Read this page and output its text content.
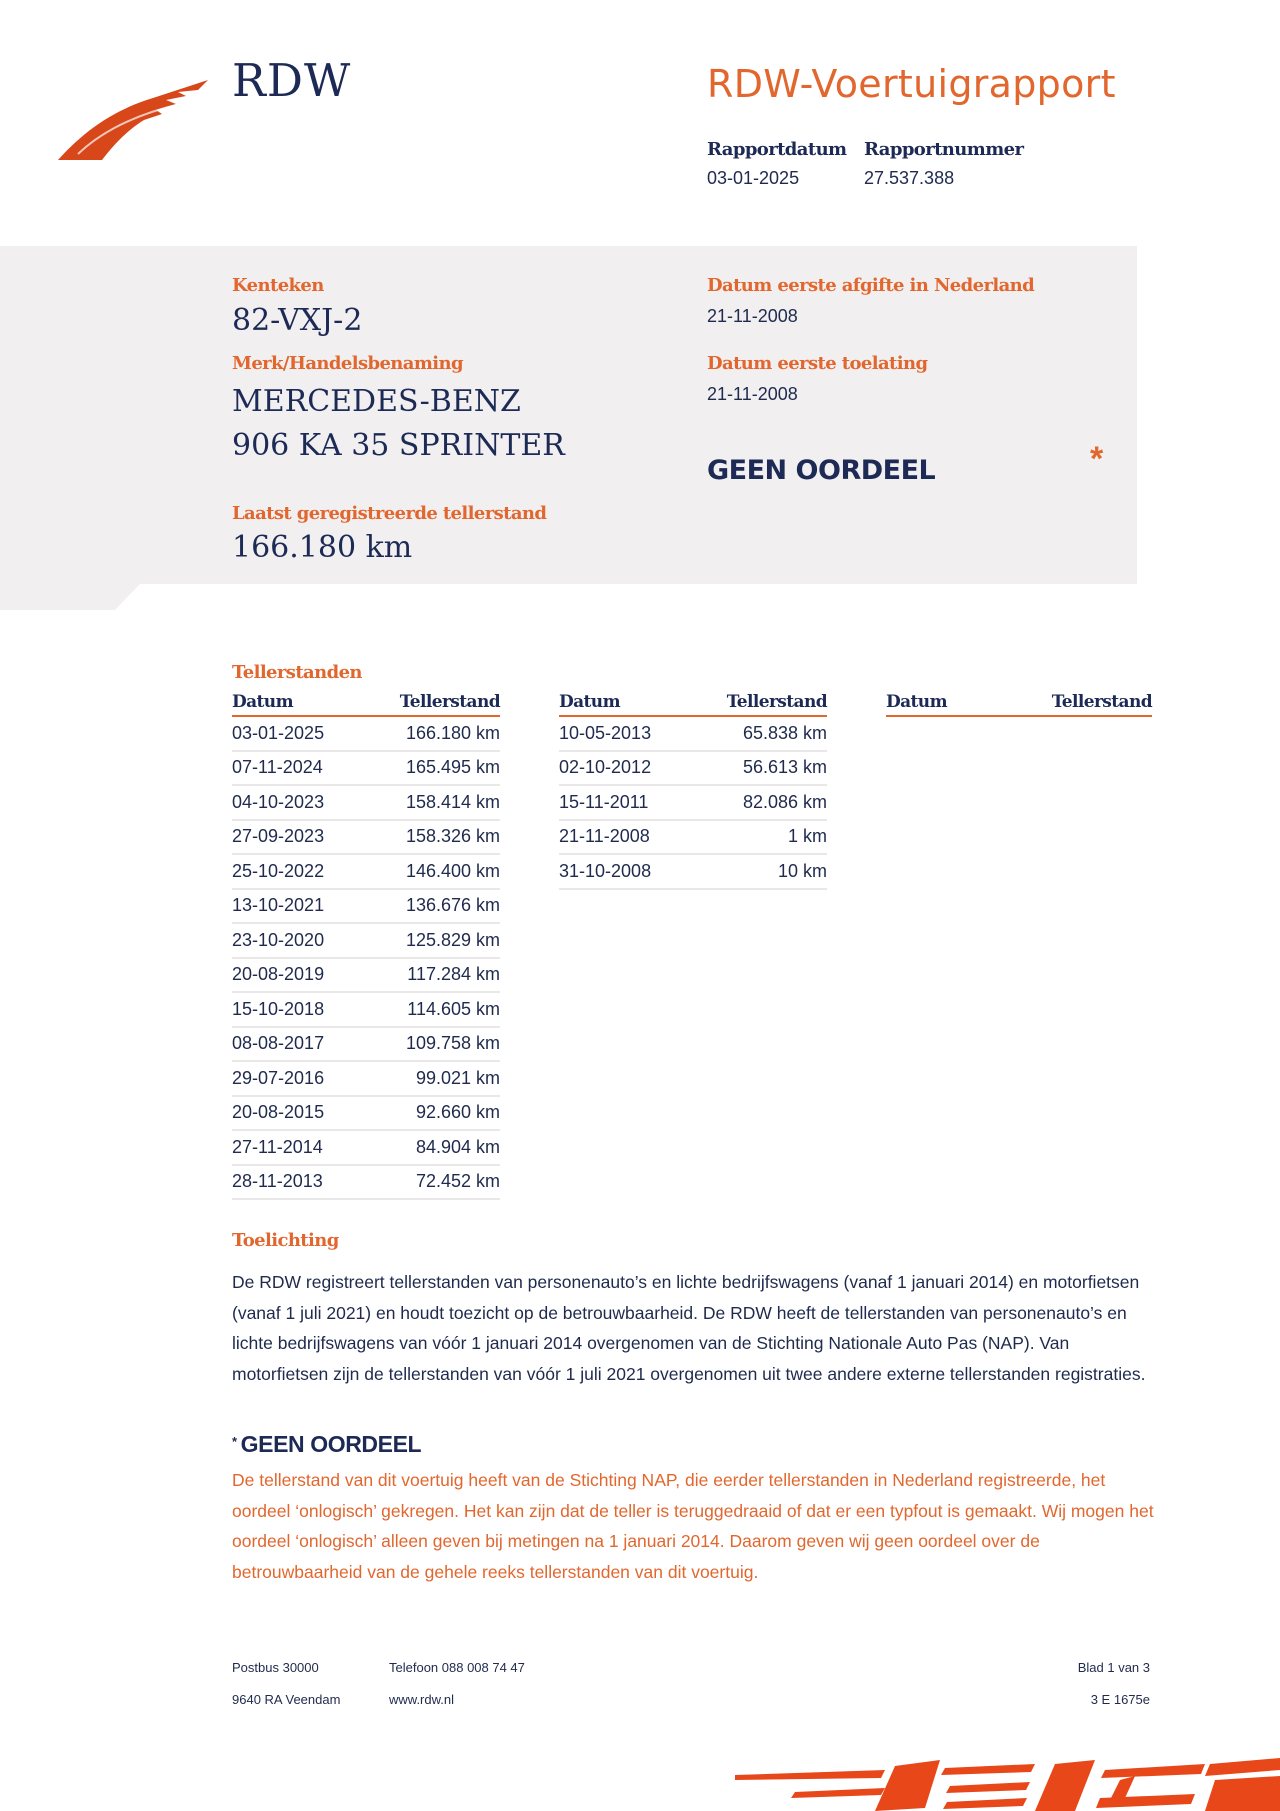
RDW	RDW-Voertuigrapport
Rapportdatum
03-01-2025
Rapportnummer
27.537.388
Kenteken
82-VXJ-2
Merk/Handelsbenaming
MERCEDES-BENZ
906 KA 35 SPRINTER
Laatst geregistreerde tellerstand
166.180 km
Datum eerste afgifte in Nederland
21-11-2008
Datum eerste toelating
21-11-2008
GEEN OORDEEL	*
Tellerstanden
Datum	Tellerstand
03-01-2025	166.180 km
07-11-2024	165.495 km
04-10-2023	158.414 km
27-09-2023	158.326 km
25-10-2022	146.400 km
13-10-2021	136.676 km
23-10-2020	125.829 km
20-08-2019	117.284 km
15-10-2018	114.605 km
08-08-2017	109.758 km
29-07-2016	99.021 km
20-08-2015	92.660 km
27-11-2014	84.904 km
28-11-2013	72.452 km
Datum	Tellerstand
10-05-2013	65.838 km
02-10-2012	56.613 km
15-11-2011	82.086 km
21-11-2008	1 km
31-10-2008	10 km
Datum	Tellerstand
Toelichting
De RDW registreert tellerstanden van personenauto’s en lichte bedrijfswagens (vanaf 1 januari 2014) en motorfietsen (vanaf 1 juli 2021) en houdt toezicht op de betrouwbaarheid. De RDW heeft de tellerstanden van personenauto’s en lichte bedrijfswagens van vóór 1 januari 2014 overgenomen van de Stichting Nationale Auto Pas (NAP). Van motorfietsen zijn de tellerstanden van vóór 1 juli 2021 overgenomen uit twee andere externe tellerstanden registraties.
* GEEN OORDEEL
De tellerstand van dit voertuig heeft van de Stichting NAP, die eerder tellerstanden in Nederland registreerde, het oordeel ‘onlogisch’ gekregen. Het kan zijn dat de teller is teruggedraaid of dat er een typfout is gemaakt. Wij mogen het oordeel ‘onlogisch’ alleen geven bij metingen na 1 januari 2014. Daarom geven wij geen oordeel over de betrouwbaarheid van de gehele reeks tellerstanden van dit voertuig.
Postbus 30000
9640 RA Veendam
Telefoon 088 008 74 47
www.rdw.nl
Blad 1 van 3
3 E 1675e
